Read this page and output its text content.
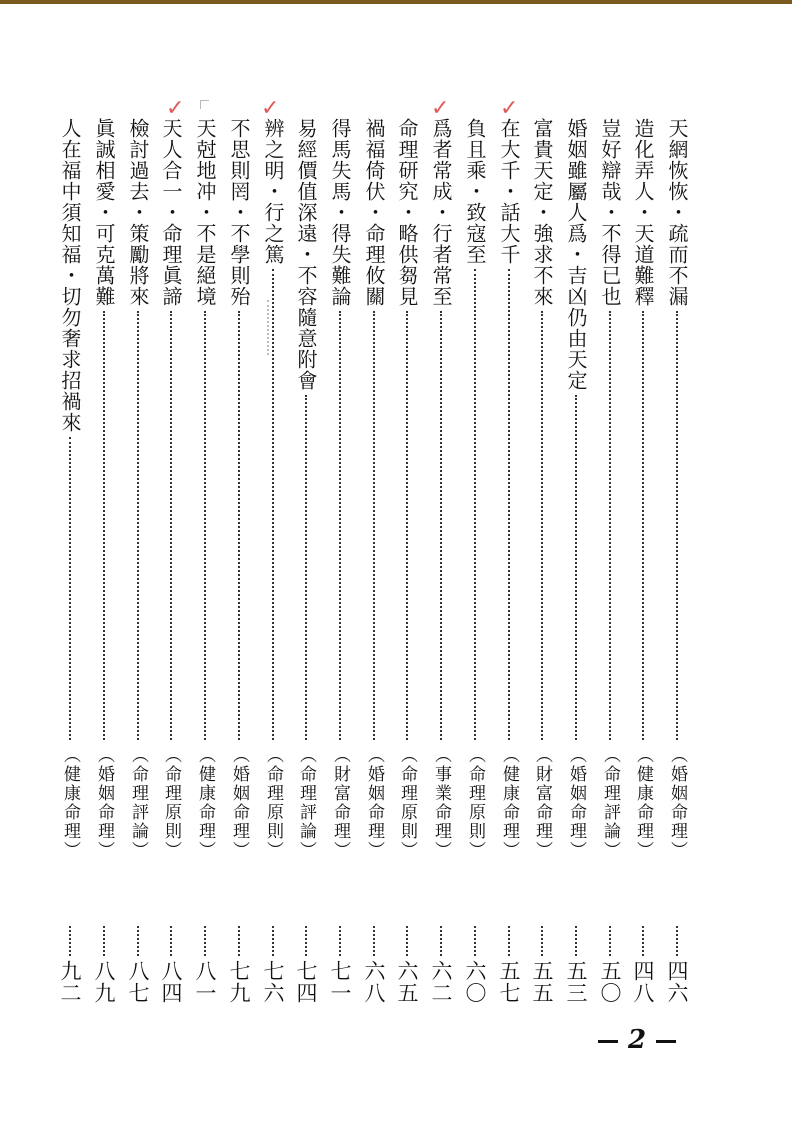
天網恢恢・疏而不漏
（婚姻命理）
四六
造化弄人・天道難釋
（健康命理）
四八
豈好辯哉・不得已也
（命理評論）
五〇
婚姻雖屬人爲・吉凶仍由天定
（婚姻命理）
五三
富貴天定・強求不來
（財富命理）
五五
在大千・話大千
（健康命理）
五七
負且乘・致寇至
（命理原則）
六〇
爲者常成・行者常至
（事業命理）
六二
命理研究・略供芻見
（命理原則）
六五
禍福倚伏・命理攸關
（婚姻命理）
六八
得馬失馬・得失難論
（財富命理）
七一
易經價值深遠・不容隨意附會
（命理評論）
七四
辨之明・行之篤
（命理原則）
七六
不思則罔・不學則殆
（婚姻命理）
七九
天尅地冲・不是絕境
（健康命理）
八一
天人合一・命理眞諦
（命理原則）
八四
檢討過去・策勵將來
（命理評論）
八七
眞誠相愛・可克萬難
（婚姻命理）
八九
人在福中須知福・切勿奢求招禍來
（健康命理）
九二
✓
✓
✓
✓
2
